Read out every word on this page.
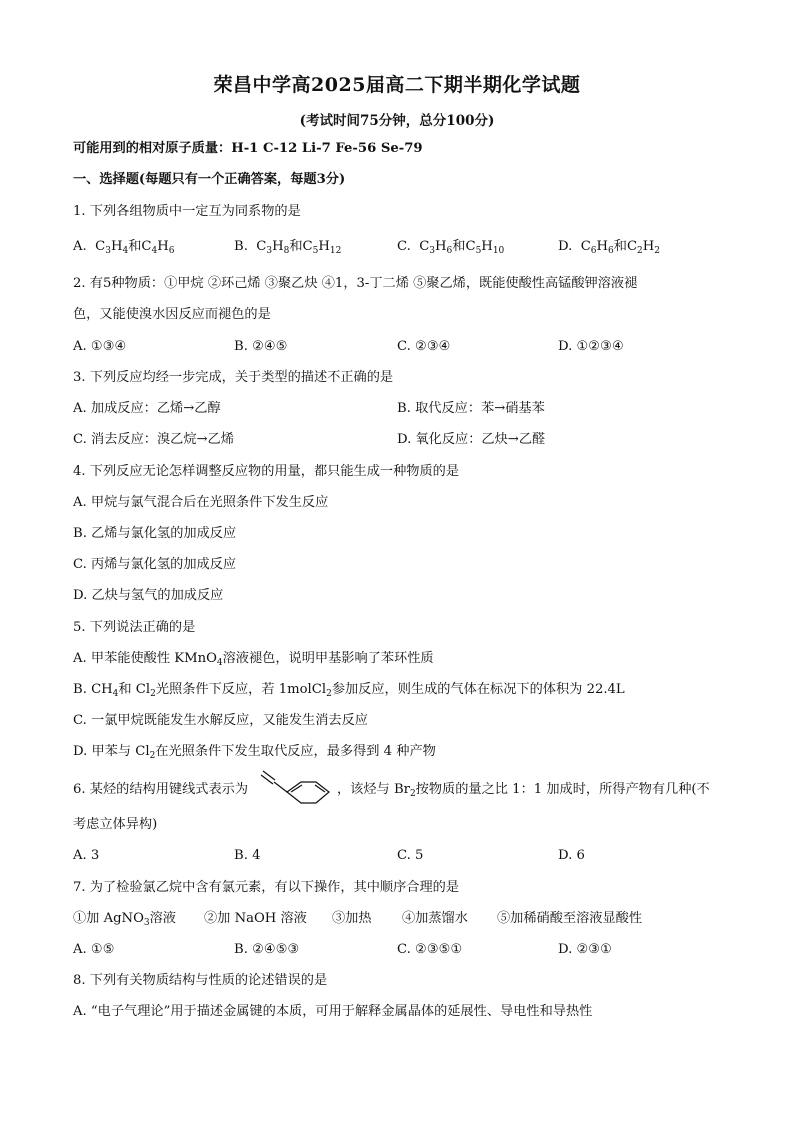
荣昌中学高2025届高二下期半期化学试题
(考试时间75分钟，总分100分)
可能用到的相对原子质量：H-1 C-12 Li-7 Fe-56 Se-79
一、选择题(每题只有一个正确答案，每题3分)
1. 下列各组物质中一定互为同系物的是
A. $C_3H_4$和$C_4H_6$	B. $C_3H_8$和$C_5H_{12}$	C. $C_3H_6$和$C_5H_{10}$	D. $C_6H_6$和$C_2H_2$
2. 有5种物质：①甲烷 ②环己烯 ③聚乙炔 ④1，3-丁二烯 ⑤聚乙烯，既能使酸性高锰酸钾溶液褪
色，又能使溴水因反应而褪色的是
A. ①③④	B. ②④⑤	C. ②③④	D. ①②③④
3. 下列反应均经一步完成，关于类型的描述不正确的是
A. 加成反应：乙烯→乙醇	B. 取代反应：苯→硝基苯
C. 消去反应：溴乙烷→乙烯	D. 氧化反应：乙炔→乙醛
4. 下列反应无论怎样调整反应物的用量，都只能生成一种物质的是
A. 甲烷与氯气混合后在光照条件下发生反应
B. 乙烯与氯化氢的加成反应
C. 丙烯与氯化氢的加成反应
D. 乙炔与氢气的加成反应
5. 下列说法正确的是
A. 甲苯能使酸性 KMnO$_4$溶液褪色，说明甲基影响了苯环性质
B. $CH_4$和 $Cl_2$光照条件下反应，若 1molCl$_2$参加反应，则生成的气体在标况下的体积为 22.4L
C. 一氯甲烷既能发生水解反应，又能发生消去反应
D. 甲苯与 $Cl_2$在光照条件下发生取代反应，最多得到 4 种产物
6. 某烃的结构用键线式表示为	，该烃与 $Br_2$按物质的量之比 1：1 加成时，所得产物有几种(不
考虑立体异构)
A. 3	B. 4	C. 5	D. 6
7. 为了检验氯乙烷中含有氯元素，有以下操作，其中顺序合理的是
①加 AgNO$_3$溶液 ②加 NaOH 溶液 ③加热 ④加蒸馏水 ⑤加稀硝酸至溶液显酸性
A. ①⑤	B. ②④⑤③	C. ②③⑤①	D. ②③①
8. 下列有关物质结构与性质的论述错误的是
A. “电子气理论”用于描述金属键的本质，可用于解释金属晶体的延展性、导电性和导热性
